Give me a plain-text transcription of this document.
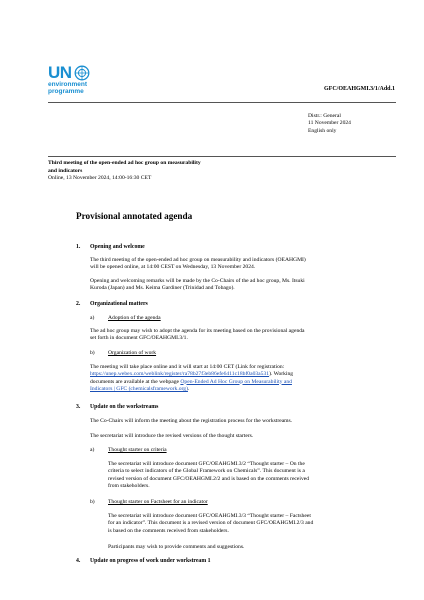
UN
environment
programme	GFC/OEAHGMI.3/1/Add.1
Distr.: General
11 November 2024
English only
Third meeting of the open-ended ad hoc group on measurability
and indicators
Online, 13 November 2024, 14:00-16:30 CET
Provisional annotated agenda
1. Opening and welcome
The third meeting of the open-ended ad hoc group on measurability and indicators (OEAHGMI)
will be opened online, at 14:00 CEST on Wednesday, 13 November 2024.
Opening and welcoming remarks will be made by the Co-Chairs of the ad hoc group, Ms. Itsuki
Kuroda (Japan) and Ms. Keima Gardiner (Trinidad and Tobago).
2. Organizational matters
a) Adoption of the agenda
The ad hoc group may wish to adopt the agenda for its meeting based on the provisional agenda
set forth in document GFC/OEAHGMI.3/1.
b) Organization of work
The meeting will take place online and it will start at 14:00 CET (Link for registration:
https://unep.webex.com/weblink/register/ra78b27f3eb86efe6411c18bf0a03a531). Working
documents are available at the webpage Open-Ended Ad Hoc Group on Measurability and
Indicators | GFC (chemicalsframework.org).
3. Update on the workstreams
The Co-Chairs will inform the meeting about the registration process for the workstreams.
The secretariat will introduce the revised versions of the thought starters.
a) Thought starter on criteria
The secretariat will introduce document GFC/OEAHGMI.3/2 “Thought starter – On the
criteria to select indicators of the Global Framework on Chemicals”. This document is a
revised version of document GFC/OEAHGMI.2/2 and is based on the comments received
from stakeholders.
b) Thought starter on Factsheet for an indicator
The secretariat will introduce document GFC/OEAHGMI.3/3 “Thought starter – Factsheet
for an indicator”. This document is a revised version of document GFC/OEAHGMI.2/3 and
is based on the comments received from stakeholders.
Participants may wish to provide comments and suggestions.
4. Update on progress of work under workstream 1
